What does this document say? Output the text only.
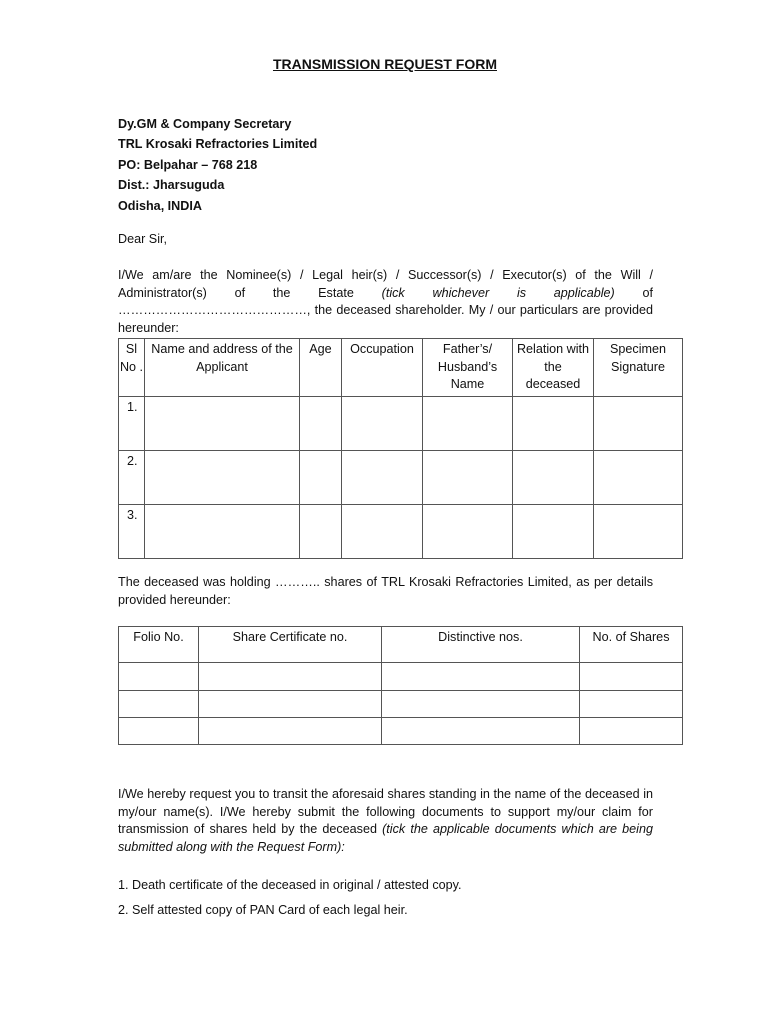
TRANSMISSION REQUEST FORM
Dy.GM & Company Secretary
TRL Krosaki Refractories Limited
PO: Belpahar – 768 218
Dist.: Jharsuguda
Odisha, INDIA
Dear Sir,
I/We am/are the Nominee(s) / Legal heir(s) / Successor(s) / Executor(s) of the Will / Administrator(s) of the Estate (tick whichever is applicable) of ………………………………………, the deceased shareholder. My / our particulars are provided hereunder:
Sl No .	Name and address of the Applicant	Age	Occupation	Father’s/ Husband’s Name	Relation with the deceased	Specimen Signature
1.						
2.						
3.						
The deceased was holding ……….. shares of TRL Krosaki Refractories Limited, as per details provided hereunder:
Folio No.	Share Certificate no.	Distinctive nos.	No. of Shares

I/We hereby request you to transit the aforesaid shares standing in the name of the deceased in my/our name(s). I/We hereby submit the following documents to support my/our claim for transmission of shares held by the deceased (tick the applicable documents which are being submitted along with the Request Form):
1. Death certificate of the deceased in original / attested copy.
2. Self attested copy of PAN Card of each legal heir.
